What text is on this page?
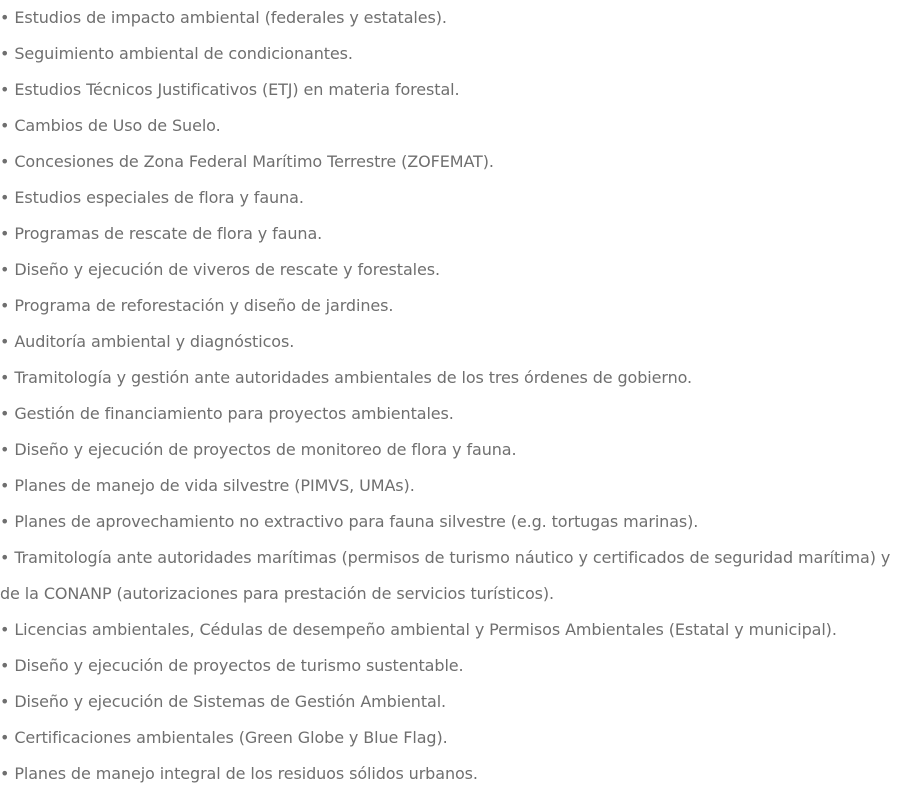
• Estudios de impacto ambiental (federales y estatales).
• Seguimiento ambiental de condicionantes.
• Estudios Técnicos Justificativos (ETJ) en materia forestal.
• Cambios de Uso de Suelo.
• Concesiones de Zona Federal Marítimo Terrestre (ZOFEMAT).
• Estudios especiales de flora y fauna.
• Programas de rescate de flora y fauna.
• Diseño y ejecución de viveros de rescate y forestales.
• Programa de reforestación y diseño de jardines.
• Auditoría ambiental y diagnósticos.
• Tramitología y gestión ante autoridades ambientales de los tres órdenes de gobierno.
• Gestión de financiamiento para proyectos ambientales.
• Diseño y ejecución de proyectos de monitoreo de flora y fauna.
• Planes de manejo de vida silvestre (PIMVS, UMAs).
• Planes de aprovechamiento no extractivo para fauna silvestre (e.g. tortugas marinas).
• Tramitología ante autoridades marítimas (permisos de turismo náutico y certificados de seguridad marítima) y de la CONANP (autorizaciones para prestación de servicios turísticos).
• Licencias ambientales, Cédulas de desempeño ambiental y Permisos Ambientales (Estatal y municipal).
• Diseño y ejecución de proyectos de turismo sustentable.
• Diseño y ejecución de Sistemas de Gestión Ambiental.
• Certificaciones ambientales (Green Globe y Blue Flag).
• Planes de manejo integral de los residuos sólidos urbanos.
